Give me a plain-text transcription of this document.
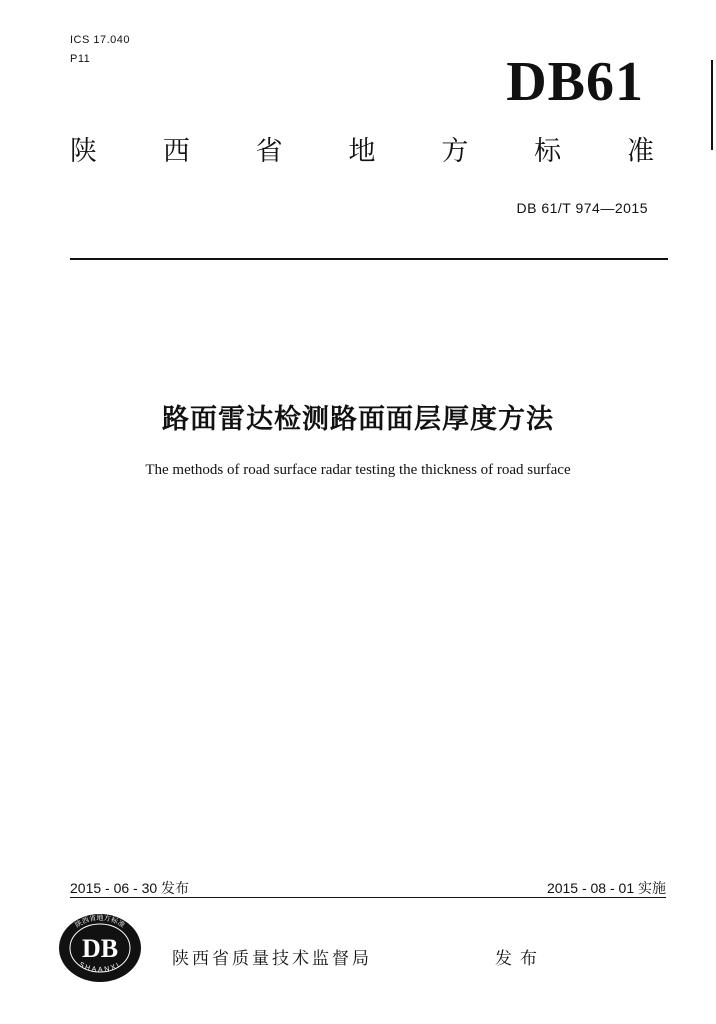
ICS 17.040
P11	DB61
陕 西 省 地 方 标 准
DB 61/T 974—2015
路面雷达检测路面面层厚度方法
The methods of road surface radar testing the thickness of road surface
2015 - 06 - 30 发布	2015 - 08 - 01 实施
DB
陕西省地方标准
SHAANXI	陕西省质量技术监督局	发布
